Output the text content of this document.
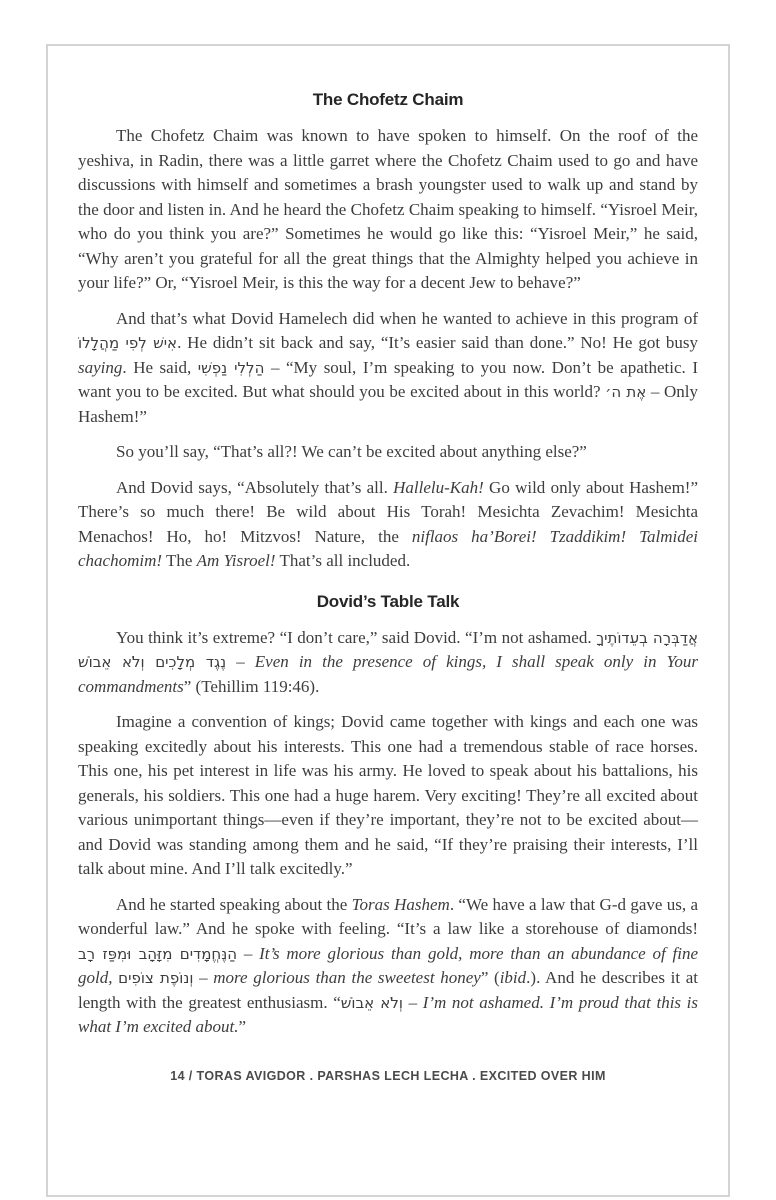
The Chofetz Chaim

The Chofetz Chaim was known to have spoken to himself. On the roof of the yeshiva, in Radin, there was a little garret where the Chofetz Chaim used to go and have discussions with himself and sometimes a brash youngster used to walk up and stand by the door and listen in. And he heard the Chofetz Chaim speaking to himself. “Yisroel Meir, who do you think you are?” Sometimes he would go like this: “Yisroel Meir,” he said, “Why aren’t you grateful for all the great things that the Almighty helped you achieve in your life?” Or, “Yisroel Meir, is this the way for a decent Jew to behave?”

And that’s what Dovid Hamelech did when he wanted to achieve in this program of אִישׁ לְפִי מַהֲלָלוֹ. He didn’t sit back and say, “It’s easier said than done.” No! He got busy saying. He said, הַלְלִי נַפְשִׁי – “My soul, I’m speaking to you now. Don’t be apathetic. I want you to be excited. But what should you be excited about in this world? אֶת ה׳ – Only Hashem!”

So you’ll say, “That’s all?! We can’t be excited about anything else?”

And Dovid says, “Absolutely that’s all. Hallelu-Kah! Go wild only about Hashem!” There’s so much there! Be wild about His Torah! Mesichta Zevachim! Mesichta Menachos! Ho, ho! Mitzvos! Nature, the niflaos ha’Borei! Tzaddikim! Talmidei chachomim! The Am Yisroel! That’s all included.

Dovid’s Table Talk

You think it’s extreme? “I don’t care,” said Dovid. “I’m not ashamed. אֲדַבְּרָה בְעֵדוֹתֶיךָ נֶגֶד מְלָכִים וְלֹא אֵבוֹשׁ – Even in the presence of kings, I shall speak only in Your commandments” (Tehillim 119:46).

Imagine a convention of kings; Dovid came together with kings and each one was speaking excitedly about his interests. This one had a tremendous stable of race horses. This one, his pet interest in life was his army. He loved to speak about his battalions, his generals, his soldiers. This one had a huge harem. Very exciting! They’re all excited about various unimportant things—even if they’re important, they’re not to be excited about—and Dovid was standing among them and he said, “If they’re praising their interests, I’ll talk about mine. And I’ll talk excitedly.”

And he started speaking about the Toras Hashem. “We have a law that G-d gave us, a wonderful law.” And he spoke with feeling. “It’s a law like a storehouse of diamonds! הַנֶּחֱמָדִים מִזָּהָב וּמִפַּז רָב – It’s more glorious than gold, more than an abundance of fine gold, וְנוֹפֶת צוֹפִים – more glorious than the sweetest honey” (ibid.). And he describes it at length with the greatest enthusiasm. “וְלֹא אֵבוֹשׁ – I’m not ashamed. I’m proud that this is what I’m excited about.”

14 / TORAS AVIGDOR . PARSHAS LECH LECHA . EXCITED OVER HIM
